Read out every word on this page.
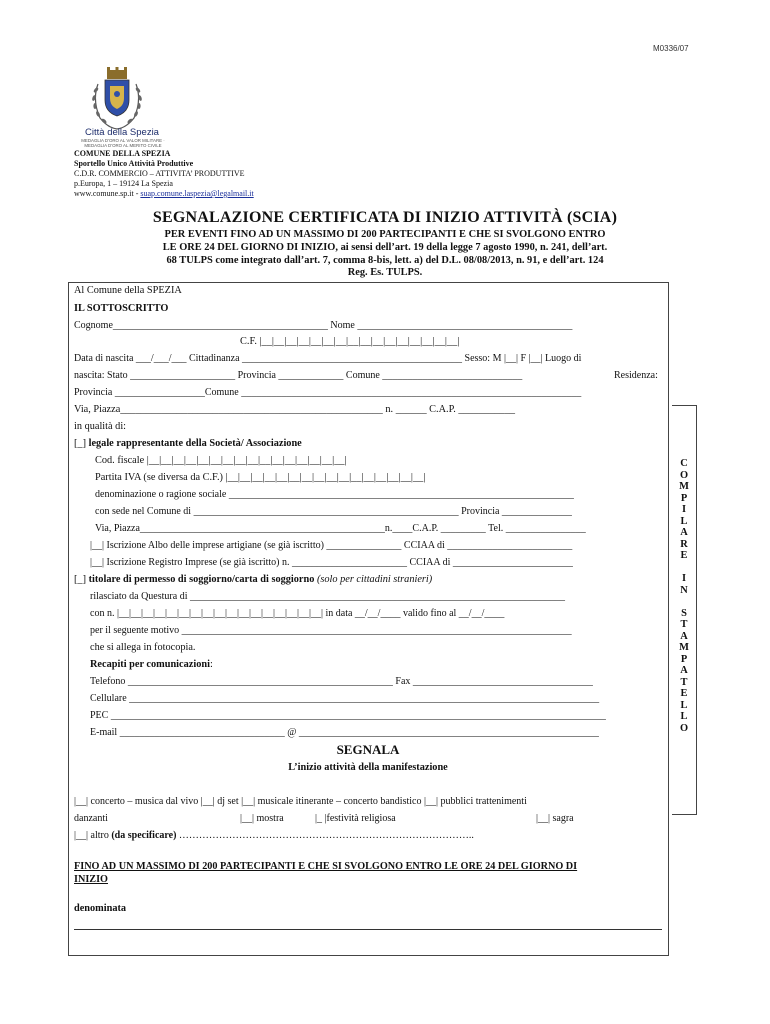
M0336/07
Città della Spezia
MEDAGLIA D'ORO AL VALOR MILITARE · MEDAGLIA D'ORO AL MERITO CIVILE
COMUNE DELLA SPEZIA
Sportello Unico Attività Produttive
C.D.R. COMMERCIO – ATTIVITA’ PRODUTTIVE
p.Europa, 1 – 19124 La Spezia
www.comune.sp.it - suap.comune.laspezia@legalmail.it
SEGNALAZIONE CERTIFICATA DI INIZIO ATTIVITÀ (SCIA)
PER EVENTI FINO AD UN MASSIMO DI 200 PARTECIPANTI E CHE SI SVOLGONO ENTRO
LE ORE 24 DEL GIORNO DI INIZIO, ai sensi dell’art. 19 della legge 7 agosto 1990, n. 241, dell’art.
68 TULPS come integrato dall’art. 7, comma 8-bis, lett. a) del D.L. 08/08/2013, n. 91, e dell’art. 124
Reg. Es. TULPS.
C
O
M
P
I
L
A
R
E
I
N
S
T
A
M
P
A
T
E
L
L
O
Al Comune della SPEZIA
IL SOTTOSCRITTO
Cognome___________________________________________ Nome ___________________________________________
C.F. |__|__|__|__|__|__|__|__|__|__|__|__|__|__|__|__|
Data di nascita ___/___/___ Cittadinanza ____________________________________________ Sesso: M |__| F |__| Luogo di
nascita: Stato _____________________ Provincia _____________ Comune ____________________________	Residenza:
Provincia __________________Comune ____________________________________________________________________
Via, Piazza___________________________________________________ n. ______ C.A.P. ___________
in qualità di:
[_] legale rappresentante della Società/ Associazione
Cod. fiscale |__|__|__|__|__|__|__|__|__|__|__|__|__|__|__|__|
Partita IVA (se diversa da C.F.) |__|__|__|__|__|__|__|__|__|__|__|__|__|__|__|__|
denominazione o ragione sociale _____________________________________________________________________
con sede nel Comune di _____________________________________________________ Provincia ______________
Via, Piazza_________________________________________________n.____C.A.P. _________ Tel. ________________
|__| Iscrizione Albo delle imprese artigiane (se già iscritto) _______________ CCIAA di _________________________
|__| Iscrizione Registro Imprese (se già iscritto) n. _______________________ CCIAA di ________________________
[_] titolare di permesso di soggiorno/carta di soggiorno (solo per cittadini stranieri)
rilasciato da Questura di ___________________________________________________________________________
con n. |__|__|__|__|__|__|__|__|__|__|__|__|__|__|__|__|__| in data __/__/____ valido fino al __/__/____
per il seguente motivo ______________________________________________________________________________
che si allega in fotocopia.
Recapiti per comunicazioni:
Telefono _____________________________________________________ Fax ____________________________________
Cellulare ______________________________________________________________________________________________
PEC ___________________________________________________________________________________________________
E-mail _________________________________ @ ____________________________________________________________
SEGNALA
L’inizio attività della manifestazione
|__| concerto – musica dal vivo |__| dj set |__| musicale itinerante – concerto bandistico |__| pubblici trattenimenti
danzanti	|__| mostra	|_ |festività religiosa	|__| sagra
|__| altro (da specificare) ……………………………………………………………………………..
FINO AD UN MASSIMO DI 200 PARTECIPANTI E CHE SI SVOLGONO ENTRO LE ORE 24 DEL GIORNO DI
INIZIO
denominata
